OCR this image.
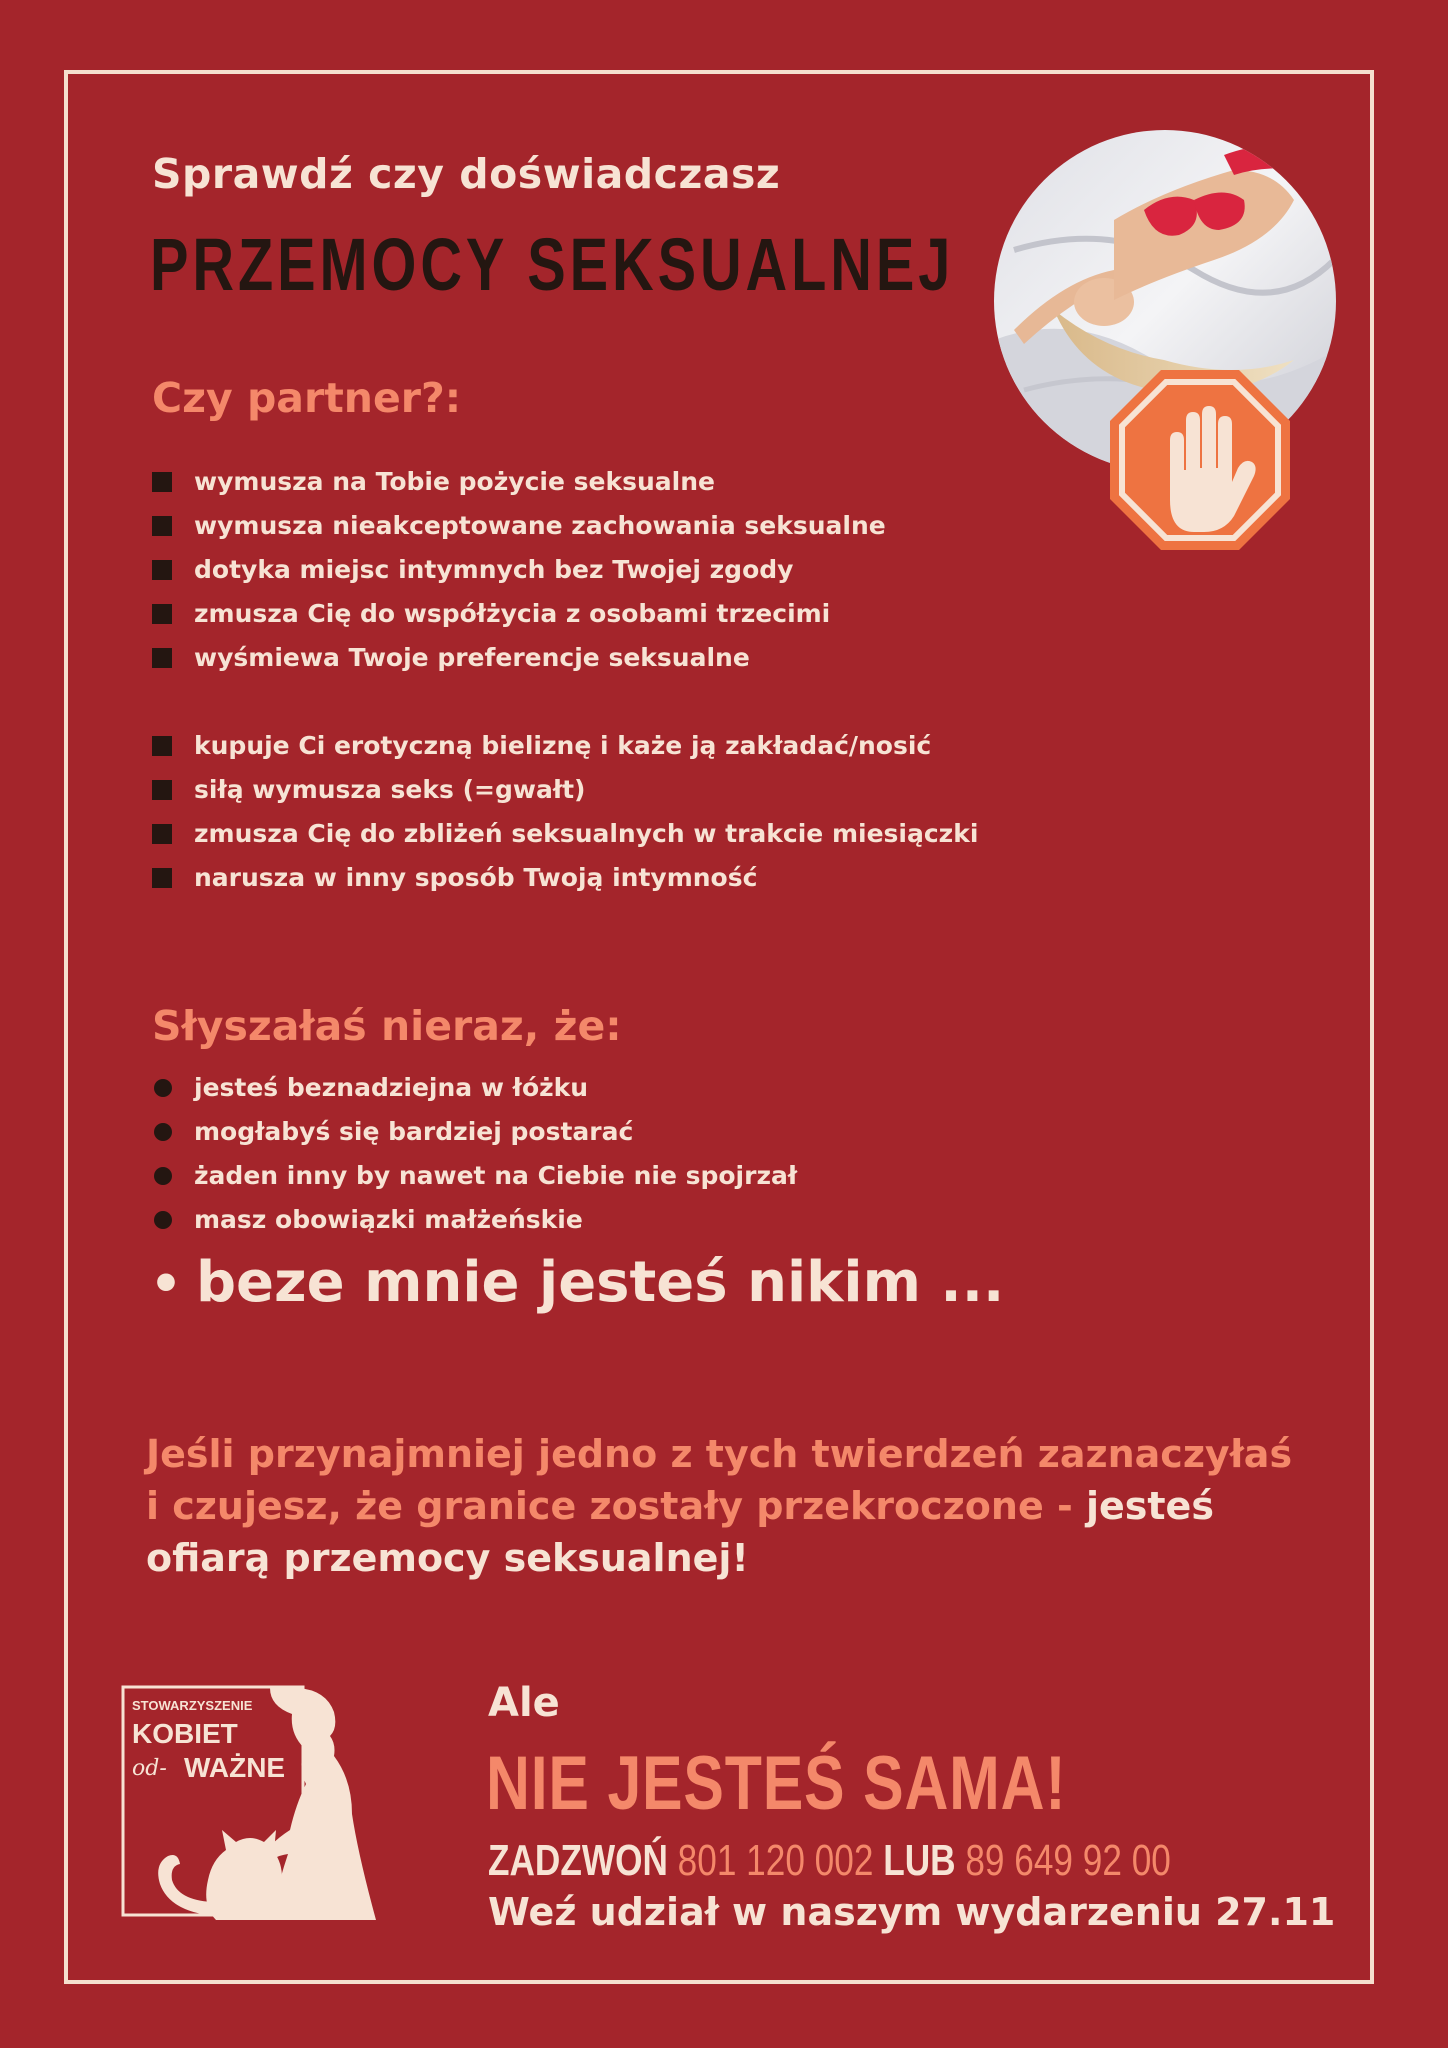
Sprawdź czy doświadczasz
PRZEMOCY SEKSUALNEJ
Czy partner?:
wymusza na Tobie pożycie seksualne
wymusza nieakceptowane zachowania seksualne
dotyka miejsc intymnych bez Twojej zgody
zmusza Cię do współżycia z osobami trzecimi
wyśmiewa Twoje preferencje seksualne
kupuje Ci erotyczną bieliznę i każe ją zakładać/nosić
siłą wymusza seks (=gwałt)
zmusza Cię do zbliżeń seksualnych w trakcie miesiączki
narusza w inny sposób Twoją intymność
Słyszałaś nieraz, że:
jesteś beznadziejna w łóżku
mogłabyś się bardziej postarać
żaden inny by nawet na Ciebie nie spojrzał
masz obowiązki małżeńskie
• beze mnie jesteś nikim ...
Jeśli przynajmniej jedno z tych twierdzeń zaznaczyłaś i czujesz, że granice zostały przekroczone - jesteś ofiarą przemocy seksualnej!
STOWARZYSZENIE
KOBIET
od- WAŻNE
Ale
NIE JESTEŚ SAMA!
ZADZWOŃ 801 120 002 LUB 89 649 92 00
Weź udział w naszym wydarzeniu 27.11
